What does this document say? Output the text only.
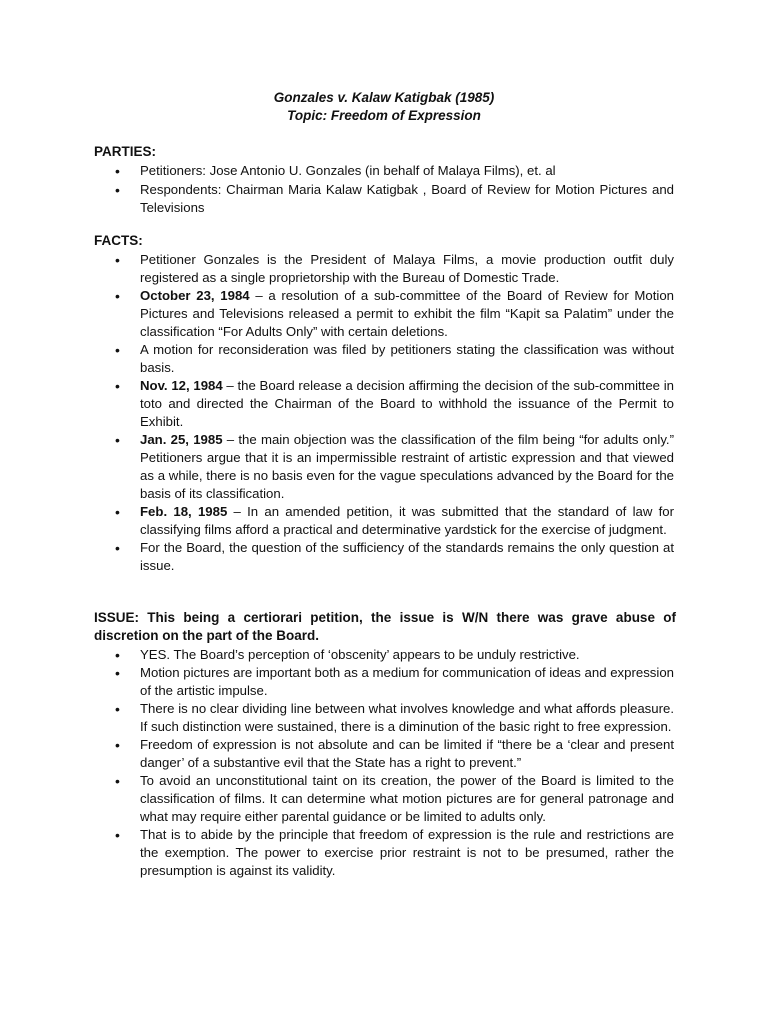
Gonzales v. Kalaw Katigbak (1985)
Topic: Freedom of Expression
PARTIES:
• Petitioners: Jose Antonio U. Gonzales (in behalf of Malaya Films), et. al
• Respondents: Chairman Maria Kalaw Katigbak , Board of Review for Motion Pictures and Televisions
FACTS:
• Petitioner Gonzales is the President of Malaya Films, a movie production outfit duly registered as a single proprietorship with the Bureau of Domestic Trade.
• October 23, 1984 – a resolution of a sub-committee of the Board of Review for Motion Pictures and Televisions released a permit to exhibit the film “Kapit sa Palatim” under the classification “For Adults Only” with certain deletions.
• A motion for reconsideration was filed by petitioners stating the classification was without basis.
• Nov. 12, 1984 – the Board release a decision affirming the decision of the sub-committee in toto and directed the Chairman of the Board to withhold the issuance of the Permit to Exhibit.
• Jan. 25, 1985 – the main objection was the classification of the film being “for adults only.” Petitioners argue that it is an impermissible restraint of artistic expression and that viewed as a while, there is no basis even for the vague speculations advanced by the Board for the basis of its classification.
• Feb. 18, 1985 – In an amended petition, it was submitted that the standard of law for classifying films afford a practical and determinative yardstick for the exercise of judgment.
• For the Board, the question of the sufficiency of the standards remains the only question at issue.
ISSUE: This being a certiorari petition, the issue is W/N there was grave abuse of discretion on the part of the Board.
• YES. The Board’s perception of ‘obscenity’ appears to be unduly restrictive.
• Motion pictures are important both as a medium for communication of ideas and expression of the artistic impulse.
• There is no clear dividing line between what involves knowledge and what affords pleasure. If such distinction were sustained, there is a diminution of the basic right to free expression.
• Freedom of expression is not absolute and can be limited if “there be a ‘clear and present danger’ of a substantive evil that the State has a right to prevent.”
• To avoid an unconstitutional taint on its creation, the power of the Board is limited to the classification of films. It can determine what motion pictures are for general patronage and what may require either parental guidance or be limited to adults only.
• That is to abide by the principle that freedom of expression is the rule and restrictions are the exemption. The power to exercise prior restraint is not to be presumed, rather the presumption is against its validity.
